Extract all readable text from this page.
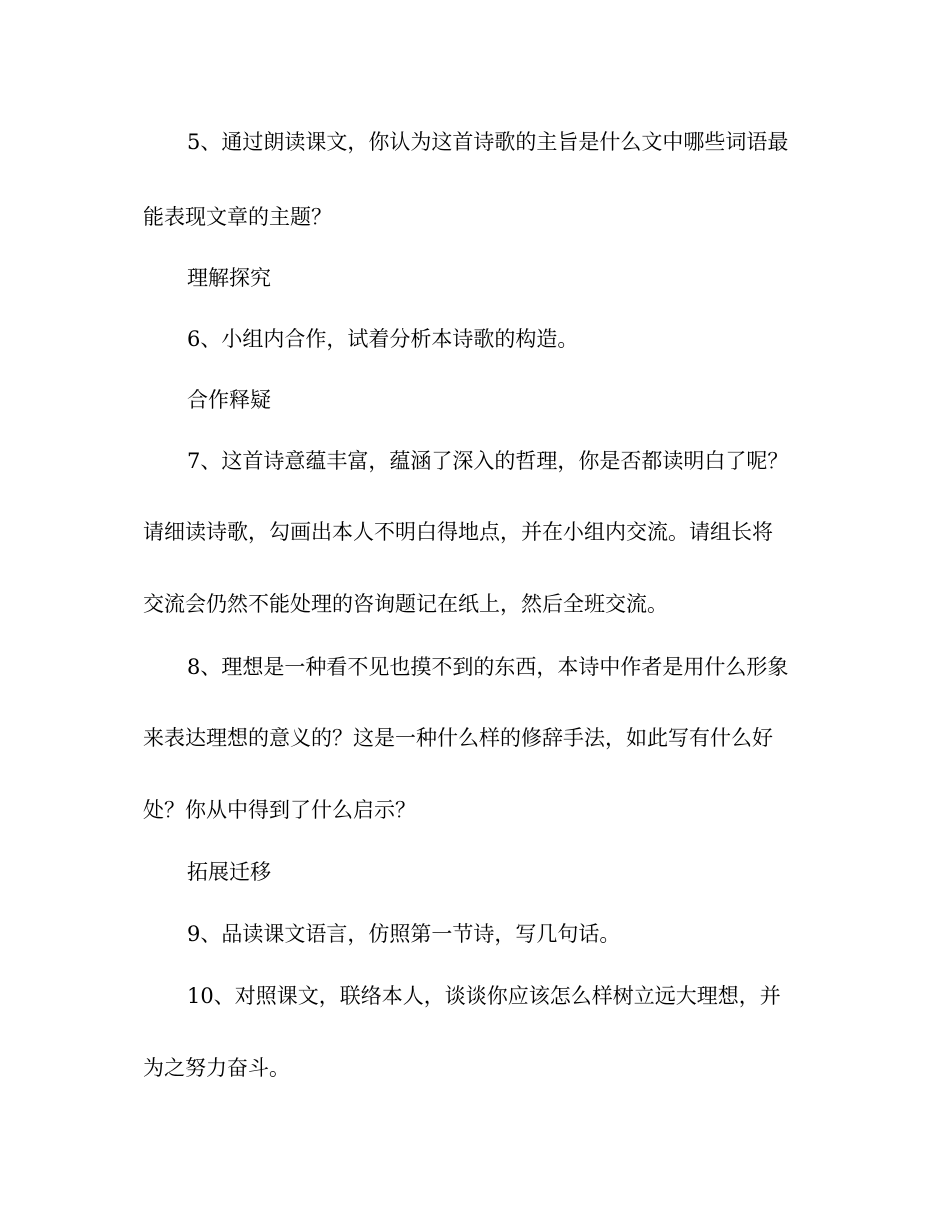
5、通过朗读课文，你认为这首诗歌的主旨是什么文中哪些词语最
能表现文章的主题？
理解探究
6、小组内合作，试着分析本诗歌的构造。
合作释疑
7、这首诗意蕴丰富，蕴涵了深入的哲理，你是否都读明白了呢？
请细读诗歌，勾画出本人不明白得地点，并在小组内交流。请组长将
交流会仍然不能处理的咨询题记在纸上，然后全班交流。
8、理想是一种看不见也摸不到的东西，本诗中作者是用什么形象
来表达理想的意义的？这是一种什么样的修辞手法，如此写有什么好
处？你从中得到了什么启示？
拓展迁移
9、品读课文语言，仿照第一节诗，写几句话。
10、对照课文，联络本人，谈谈你应该怎么样树立远大理想，并
为之努力奋斗。
